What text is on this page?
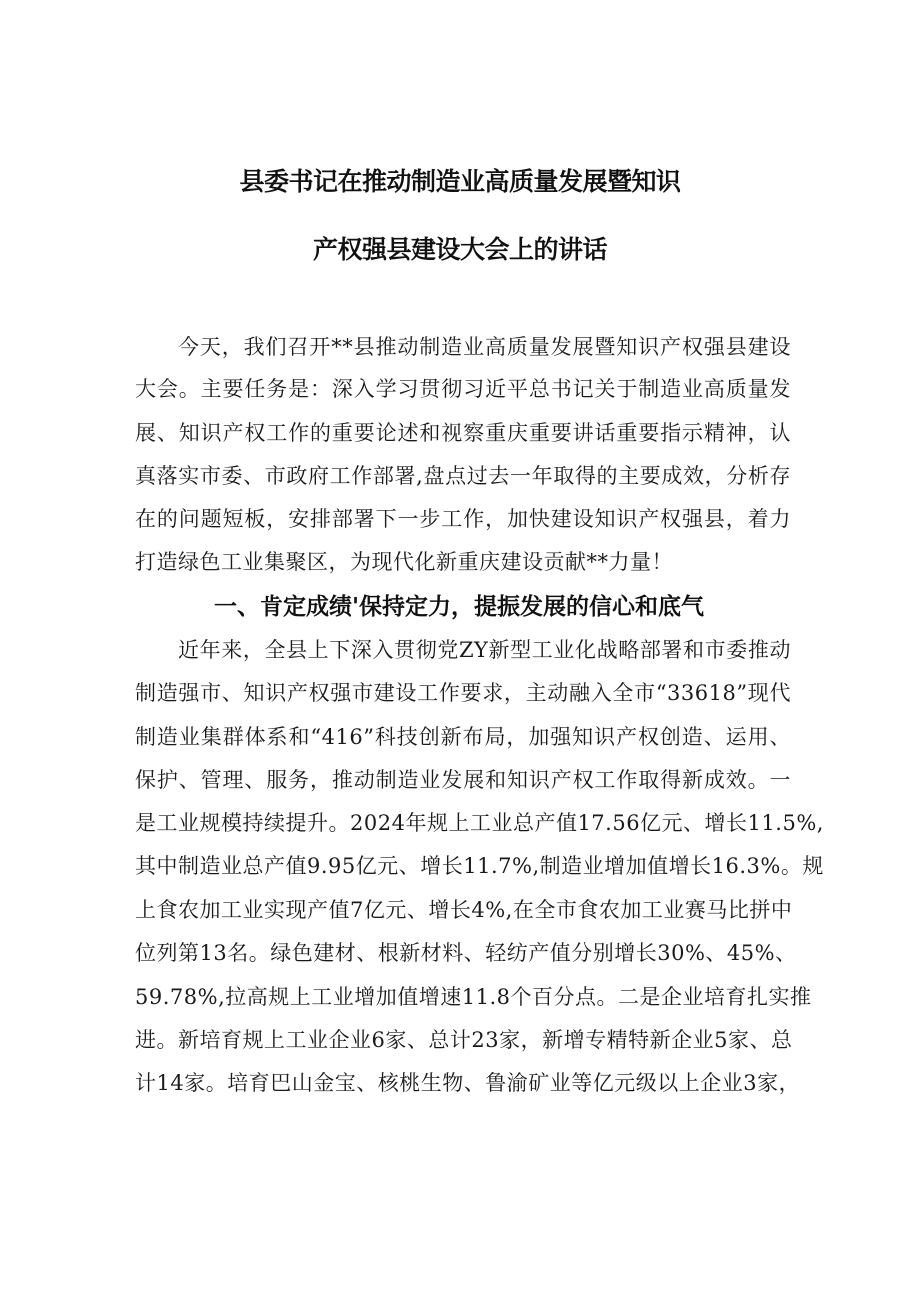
县委书记在推动制造业高质量发展暨知识
产权强县建设大会上的讲话
今天，我们召开**县推动制造业高质量发展暨知识产权强县建设
大会。主要任务是：深入学习贯彻习近平总书记关于制造业高质量发
展、知识产权工作的重要论述和视察重庆重要讲话重要指示精神，认
真落实市委、市政府工作部署,盘点过去一年取得的主要成效，分析存
在的问题短板，安排部署下一步工作，加快建设知识产权强县，着力
打造绿色工业集聚区，为现代化新重庆建设贡献**力量！
一、肯定成绩'保持定力，提振发展的信心和底气
近年来，全县上下深入贯彻党ZY新型工业化战略部署和市委推动
制造强市、知识产权强市建设工作要求，主动融入全市“33618”现代
制造业集群体系和“416”科技创新布局，加强知识产权创造、运用、
保护、管理、服务，推动制造业发展和知识产权工作取得新成效。一
是工业规模持续提升。2024年规上工业总产值17.56亿元、增长11.5%,
其中制造业总产值9.95亿元、增长11.7%,制造业增加值增长16.3%。规
上食农加工业实现产值7亿元、增长4%,在全市食农加工业赛马比拼中
位列第13名。绿色建材、根新材料、轻纺产值分别增长30%、45%、
59.78%,拉高规上工业增加值增速11.8个百分点。二是企业培育扎实推
进。新培育规上工业企业6家、总计23家，新增专精特新企业5家、总
计14家。培育巴山金宝、核桃生物、鲁渝矿业等亿元级以上企业3家，
